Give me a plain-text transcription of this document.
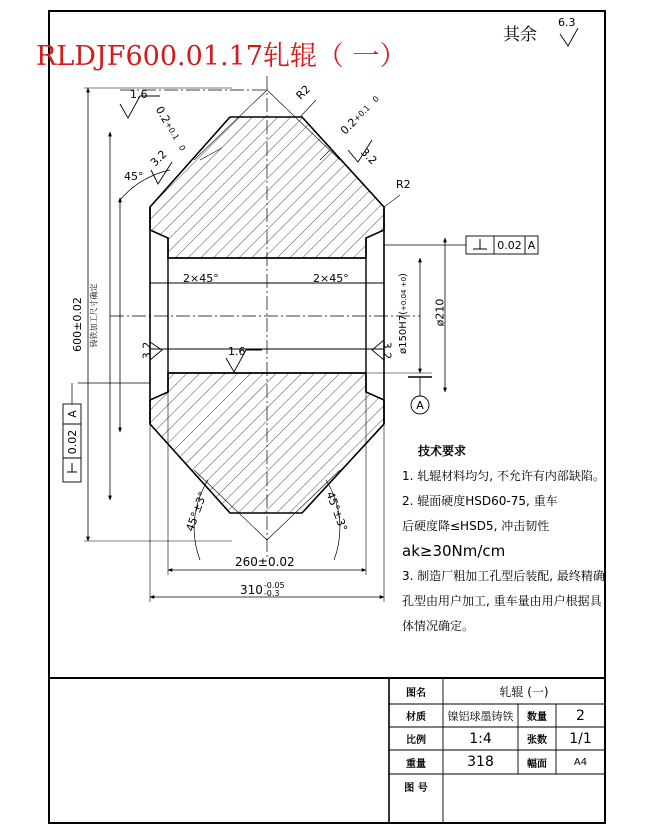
RLDJF600.01.17轧辊（ 一）
其余
6.3
1.6
0.2
+0.1   0	0.2
+0.1   0
R2
R2
3.2	3.2
45°
2×45°	2×45°
1.6
3.2	3.2
600±0.02 铸铁加工尺寸确定
0.02
A
0.02 A
ø150H7(
+0.04 +0
)
ø210
A
45°±3°	45°±3°
260±0.02
310 -0.05
-0.3
技术要求
1. 轧辊材料均匀, 不允许有内部缺陷。
2. 辊面硬度HSD60-75, 重车
后硬度降≤HSD5, 冲击韧性
ak≥30Nm/cm
3. 制造厂粗加工孔型后装配, 最终精确
孔型由用户加工, 重车量由用户根据具
体情况确定。
图名	轧辊 (一)
材质	镍铝球墨铸铁	数量	2
比例	1:4	张数	1/1
重量	318	幅面	A4
图 号
